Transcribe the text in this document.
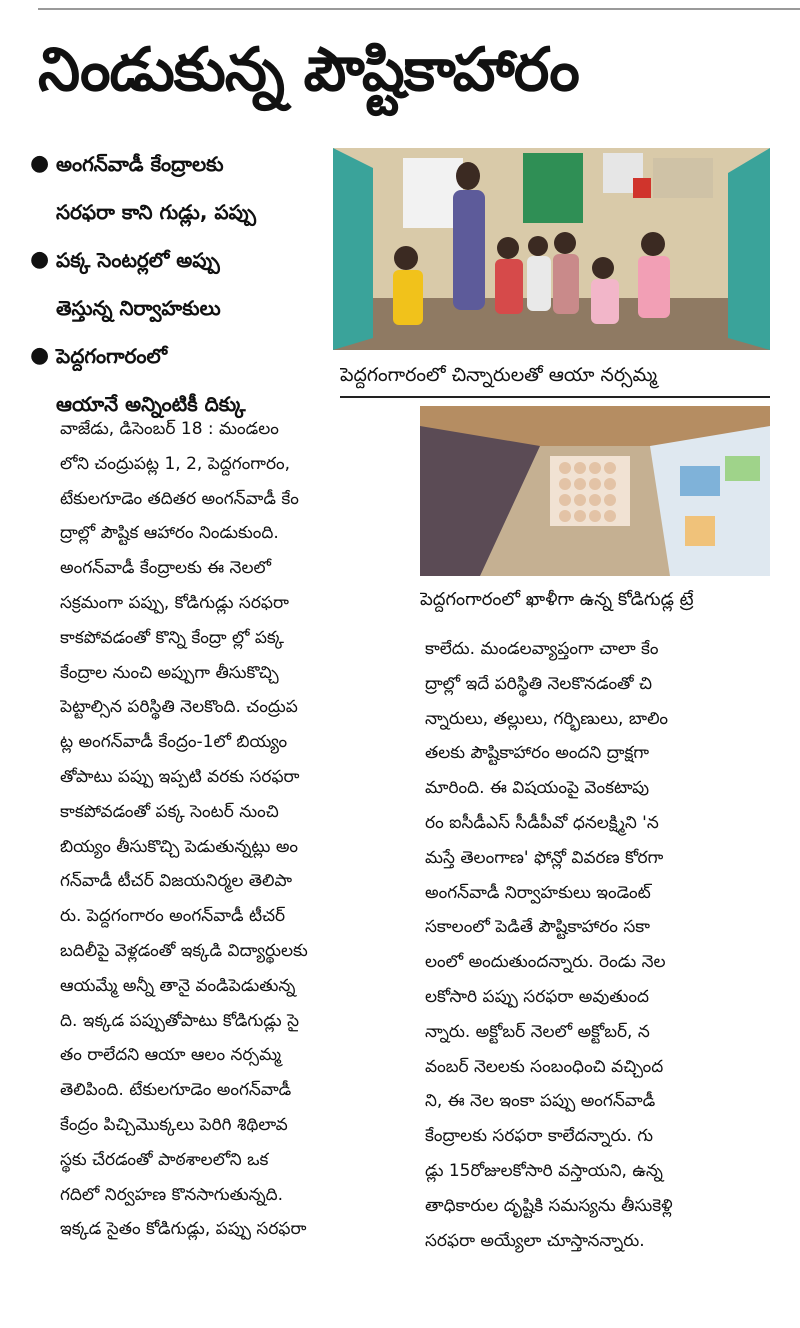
నిండుకున్న పౌష్టికాహారం
● అంగన్‌వాడీ కేంద్రాలకు
సరఫరా కాని గుడ్లు, పప్పు
● పక్క సెంటర్లలో అప్పు
తెస్తున్న నిర్వాహకులు
● పెద్దగంగారంలో
ఆయానే అన్నింటికీ దిక్కు
పెద్దగంగారంలో చిన్నారులతో ఆయా నర్సమ్మ
పెద్దగంగారంలో ఖాళీగా ఉన్న కోడిగుడ్ల ట్రే
వాజేడు, డిసెంబర్ 18 : మండలం
లోని చంద్రుపట్ల 1, 2, పెద్దగంగారం,
టేకులగూడెం తదితర అంగన్‌వాడీ కేం
ద్రాల్లో పౌష్టిక ఆహారం నిండుకుంది.
అంగన్‌వాడీ కేంద్రాలకు ఈ నెలలో
సక్రమంగా పప్పు, కోడిగుడ్లు సరఫరా
కాకపోవడంతో కొన్ని కేంద్రా ల్లో పక్క
కేంద్రాల నుంచి అప్పుగా తీసుకొచ్చి
పెట్టాల్సిన పరిస్థితి నెలకొంది. చంద్రుప
ట్ల అంగన్‌వాడీ కేంద్రం-1లో బియ్యం
తోపాటు పప్పు ఇప్పటి వరకు సరఫరా
కాకపోవడంతో పక్క సెంటర్ నుంచి
బియ్యం తీసుకొచ్చి పెడుతున్నట్లు అం
గన్‌వాడీ టీచర్ విజయనిర్మల తెలిపా
రు. పెద్దగంగారం అంగన్‌వాడీ టీచర్
బదిలీపై వెళ్లడంతో ఇక్కడి విద్యార్థులకు
ఆయమ్మే అన్నీ తానై వండిపెడుతున్న
ది. ఇక్కడ పప్పుతోపాటు కోడిగుడ్లు సై
తం రాలేదని ఆయా ఆలం నర్సమ్మ
తెలిపింది. టేకులగూడెం అంగన్‌వాడీ
కేంద్రం పిచ్చిమొక్కలు పెరిగి శిథిలావ
స్థకు చేరడంతో పాఠశాలలోని ఒక
గదిలో నిర్వహణ కొనసాగుతున్నది.
ఇక్కడ సైతం కోడిగుడ్లు, పప్పు సరఫరా
కాలేదు. మండలవ్యాప్తంగా చాలా కేం
ద్రాల్లో ఇదే పరిస్థితి నెలకొనడంతో చి
న్నారులు, తల్లులు, గర్భిణులు, బాలిం
తలకు పౌష్టికాహారం అందని ద్రాక్షగా
మారింది. ఈ విషయంపై వెంకటాపు
రం ఐసీడీఎస్ సీడీపీవో ధనలక్ష్మిని 'న
మస్తే తెలంగాణ' ఫోన్లో వివరణ కోరగా
అంగన్‌వాడీ నిర్వాహకులు ఇండెంట్
సకాలంలో పెడితే పౌష్టికాహారం సకా
లంలో అందుతుందన్నారు. రెండు నెల
లకోసారి పప్పు సరఫరా అవుతుంద
న్నారు. అక్టోబర్ నెలలో అక్టోబర్, న
వంబర్ నెలలకు సంబంధించి వచ్చింద
ని, ఈ నెల ఇంకా పప్పు అంగన్‌వాడీ
కేంద్రాలకు సరఫరా కాలేదన్నారు. గు
డ్లు 15రోజులకోసారి వస్తాయని, ఉన్న
తాధికారుల దృష్టికి సమస్యను తీసుకెళ్లి
సరఫరా అయ్యేలా చూస్తానన్నారు.
